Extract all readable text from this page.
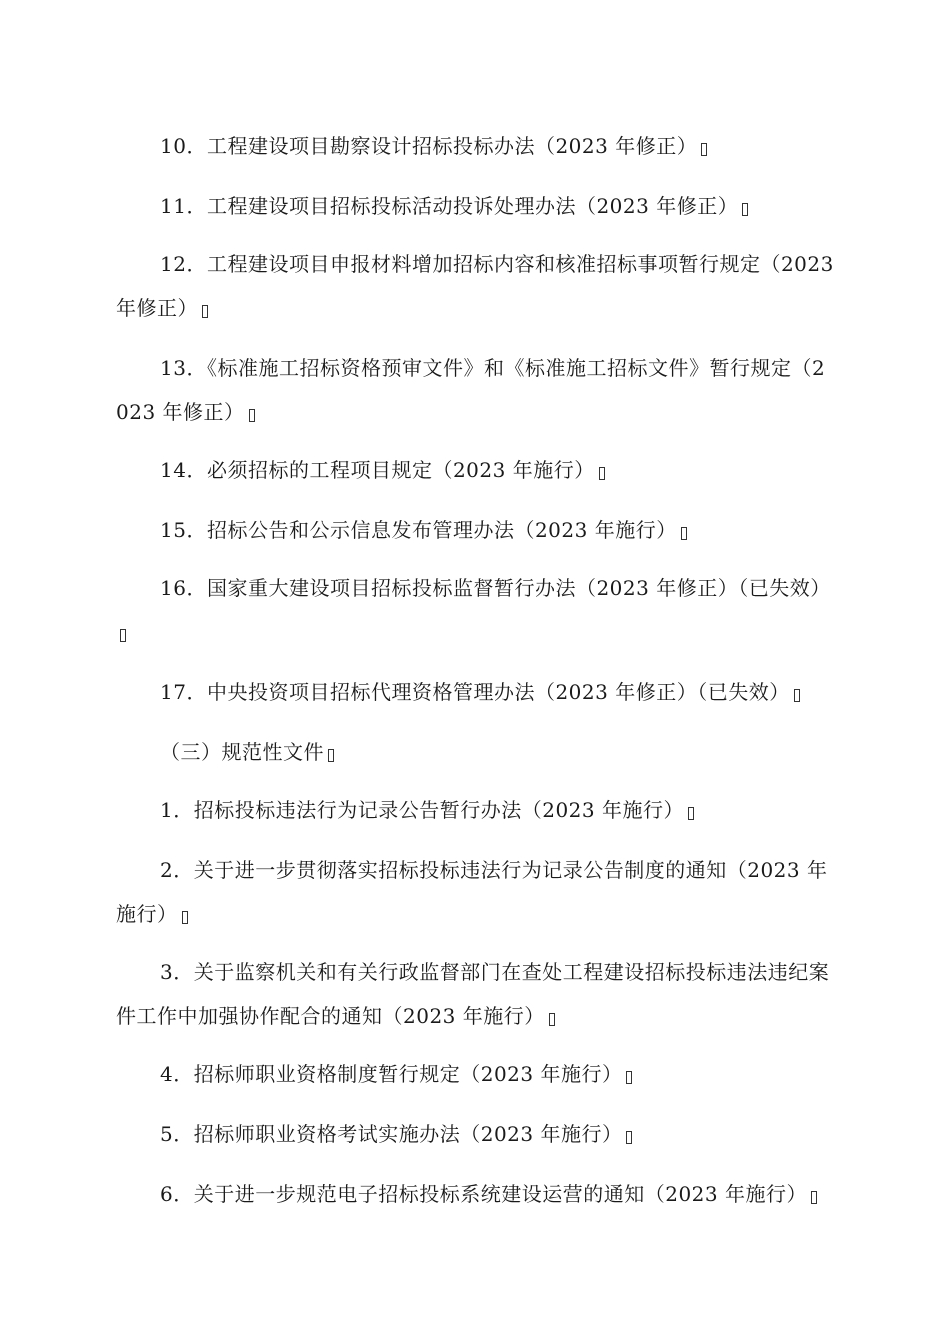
10．工程建设项目勘察设计招标投标办法（2023 年修正）

11．工程建设项目招标投标活动投诉处理办法（2023 年修正）

12．工程建设项目申报材料增加招标内容和核准招标事项暂行规定（2023 年修正）

13．《标准施工招标资格预审文件》和《标准施工招标文件》暂行规定（2023 年修正）

14．必须招标的工程项目规定（2023 年施行）

15．招标公告和公示信息发布管理办法（2023 年施行）

16．国家重大建设项目招标投标监督暂行办法（2023 年修正）（已失效）

17．中央投资项目招标代理资格管理办法（2023 年修正）（已失效）

（三）规范性文件

1．招标投标违法行为记录公告暂行办法（2023 年施行）

2．关于进一步贯彻落实招标投标违法行为记录公告制度的通知（2023 年施行）

3．关于监察机关和有关行政监督部门在查处工程建设招标投标违法违纪案件工作中加强协作配合的通知（2023 年施行）

4．招标师职业资格制度暂行规定（2023 年施行）

5．招标师职业资格考试实施办法（2023 年施行）

6．关于进一步规范电子招标投标系统建设运营的通知（2023 年施行）
